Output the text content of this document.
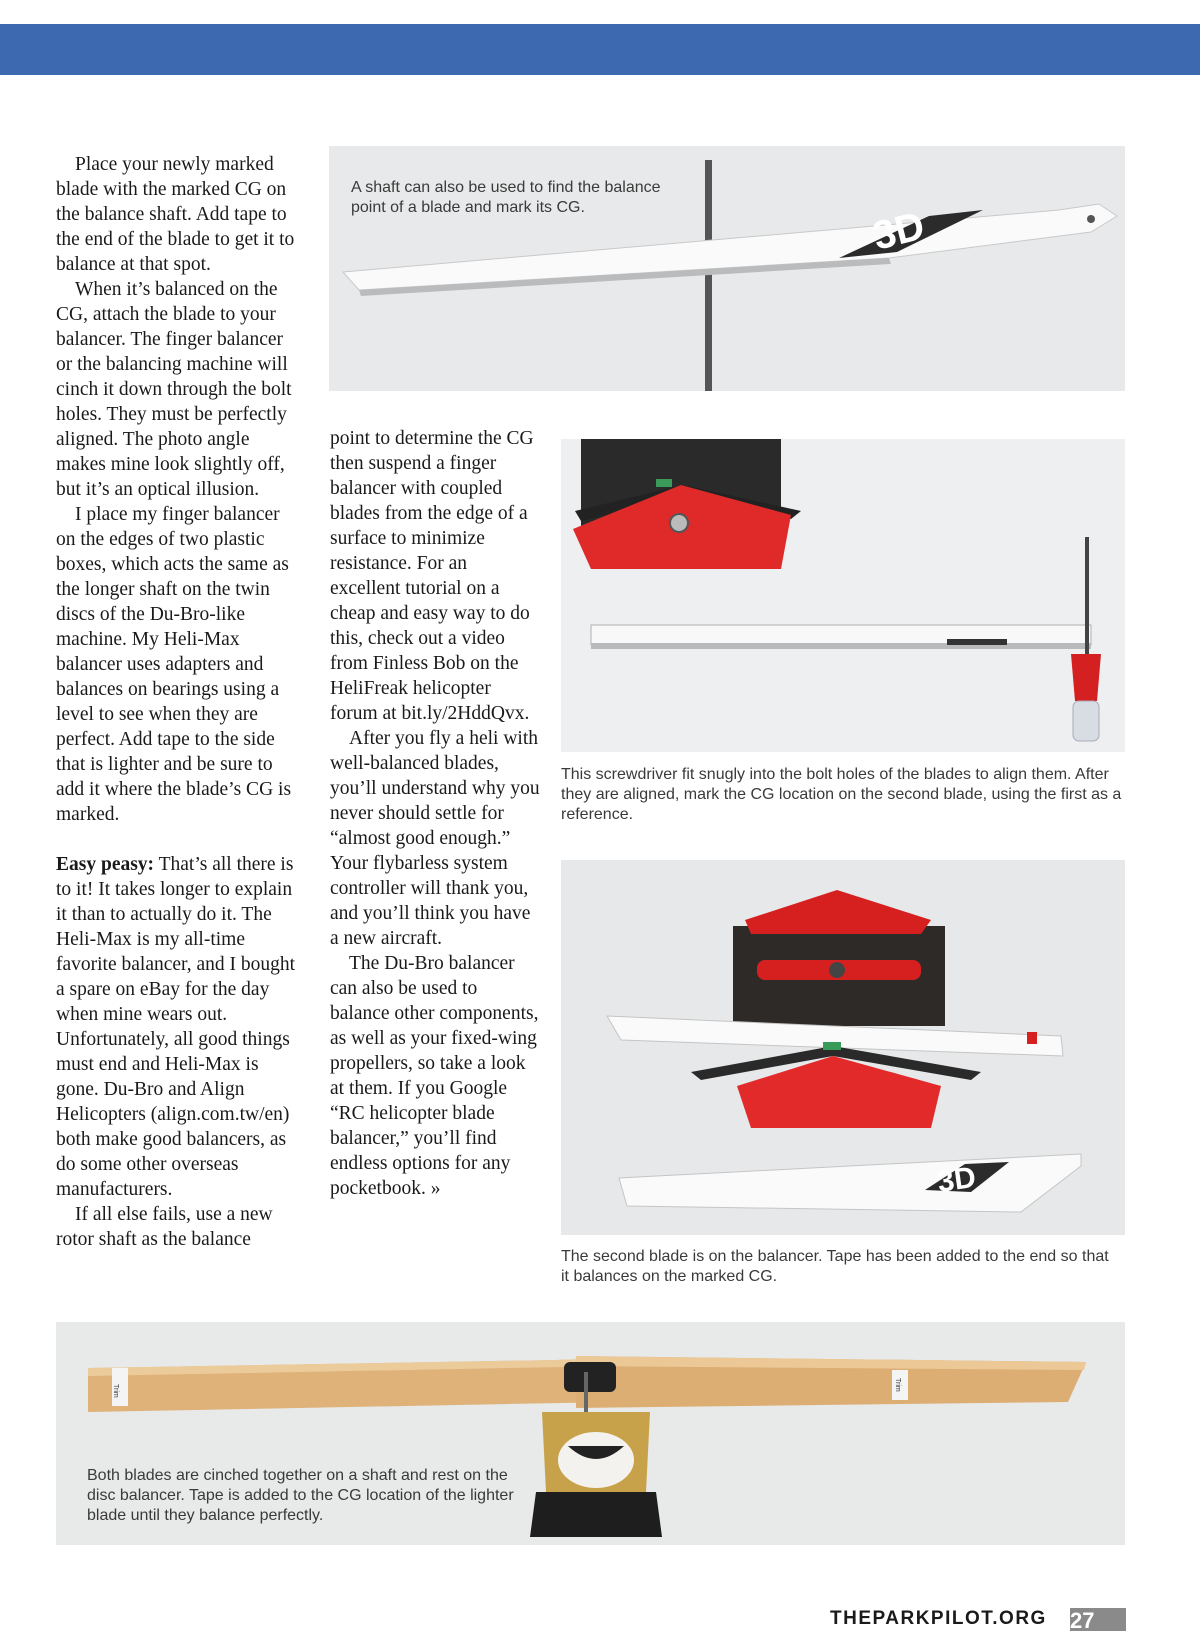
Place your newly marked blade with the marked CG on the balance shaft. Add tape to the end of the blade to get it to balance at that spot.

When it’s balanced on the CG, attach the blade to your balancer. The finger balancer or the balancing machine will cinch it down through the bolt holes. They must be perfectly aligned. The photo angle makes mine look slightly off, but it’s an optical illusion.

I place my finger balancer on the edges of two plastic boxes, which acts the same as the longer shaft on the twin discs of the Du-Bro-like machine. My Heli-Max balancer uses adapters and balances on bearings using a level to see when they are perfect. Add tape to the side that is lighter and be sure to add it where the blade’s CG is marked.

Easy peasy: That’s all there is to it! It takes longer to explain it than to actually do it. The Heli-Max is my all-time favorite balancer, and I bought a spare on eBay for the day when mine wears out. Unfortunately, all good things must end and Heli-Max is gone. Du-Bro and Align Helicopters (align.com.tw/en) both make good balancers, as do some other overseas manufacturers.

If all else fails, use a new rotor shaft as the balance

point to determine the CG then suspend a finger balancer with coupled blades from the edge of a surface to minimize resistance. For an excellent tutorial on a cheap and easy way to do this, check out a video from Finless Bob on the HeliFreak helicopter forum at bit.ly/2HddQvx.

After you fly a heli with well-balanced blades, you’ll understand why you never should settle for “almost good enough.” Your flybarless system controller will thank you, and you’ll think you have a new aircraft.

The Du-Bro balancer can also be used to balance other components, as well as your fixed-wing propellers, so take a look at them. If you Google “RC helicopter blade balancer,” you’ll find endless options for any pocketbook. »

3D

A shaft can also be used to find the balance point of a blade and mark its CG.

This screwdriver fit snugly into the bolt holes of the blades to align them. After they are aligned, mark the CG location on the second blade, using the first as a reference.

3D

The second blade is on the balancer. Tape has been added to the end so that it balances on the marked CG.

Trim	Trim

Both blades are cinched together on a shaft and rest on the disc balancer. Tape is added to the CG location of the lighter blade until they balance perfectly.

THEPARKPILOT.ORG 27
